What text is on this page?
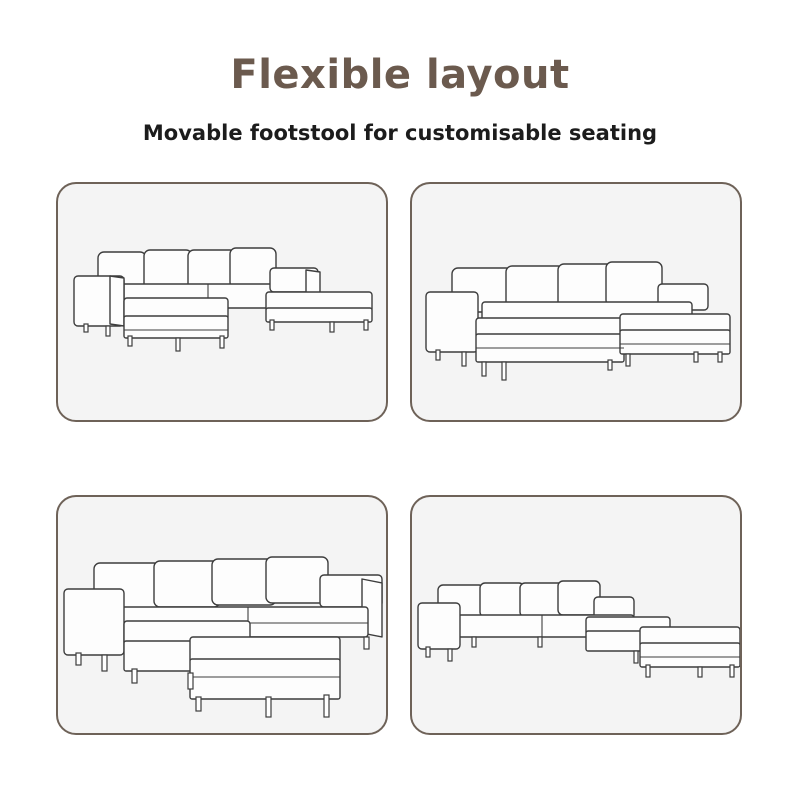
Flexible layout
Movable footstool for customisable seating
